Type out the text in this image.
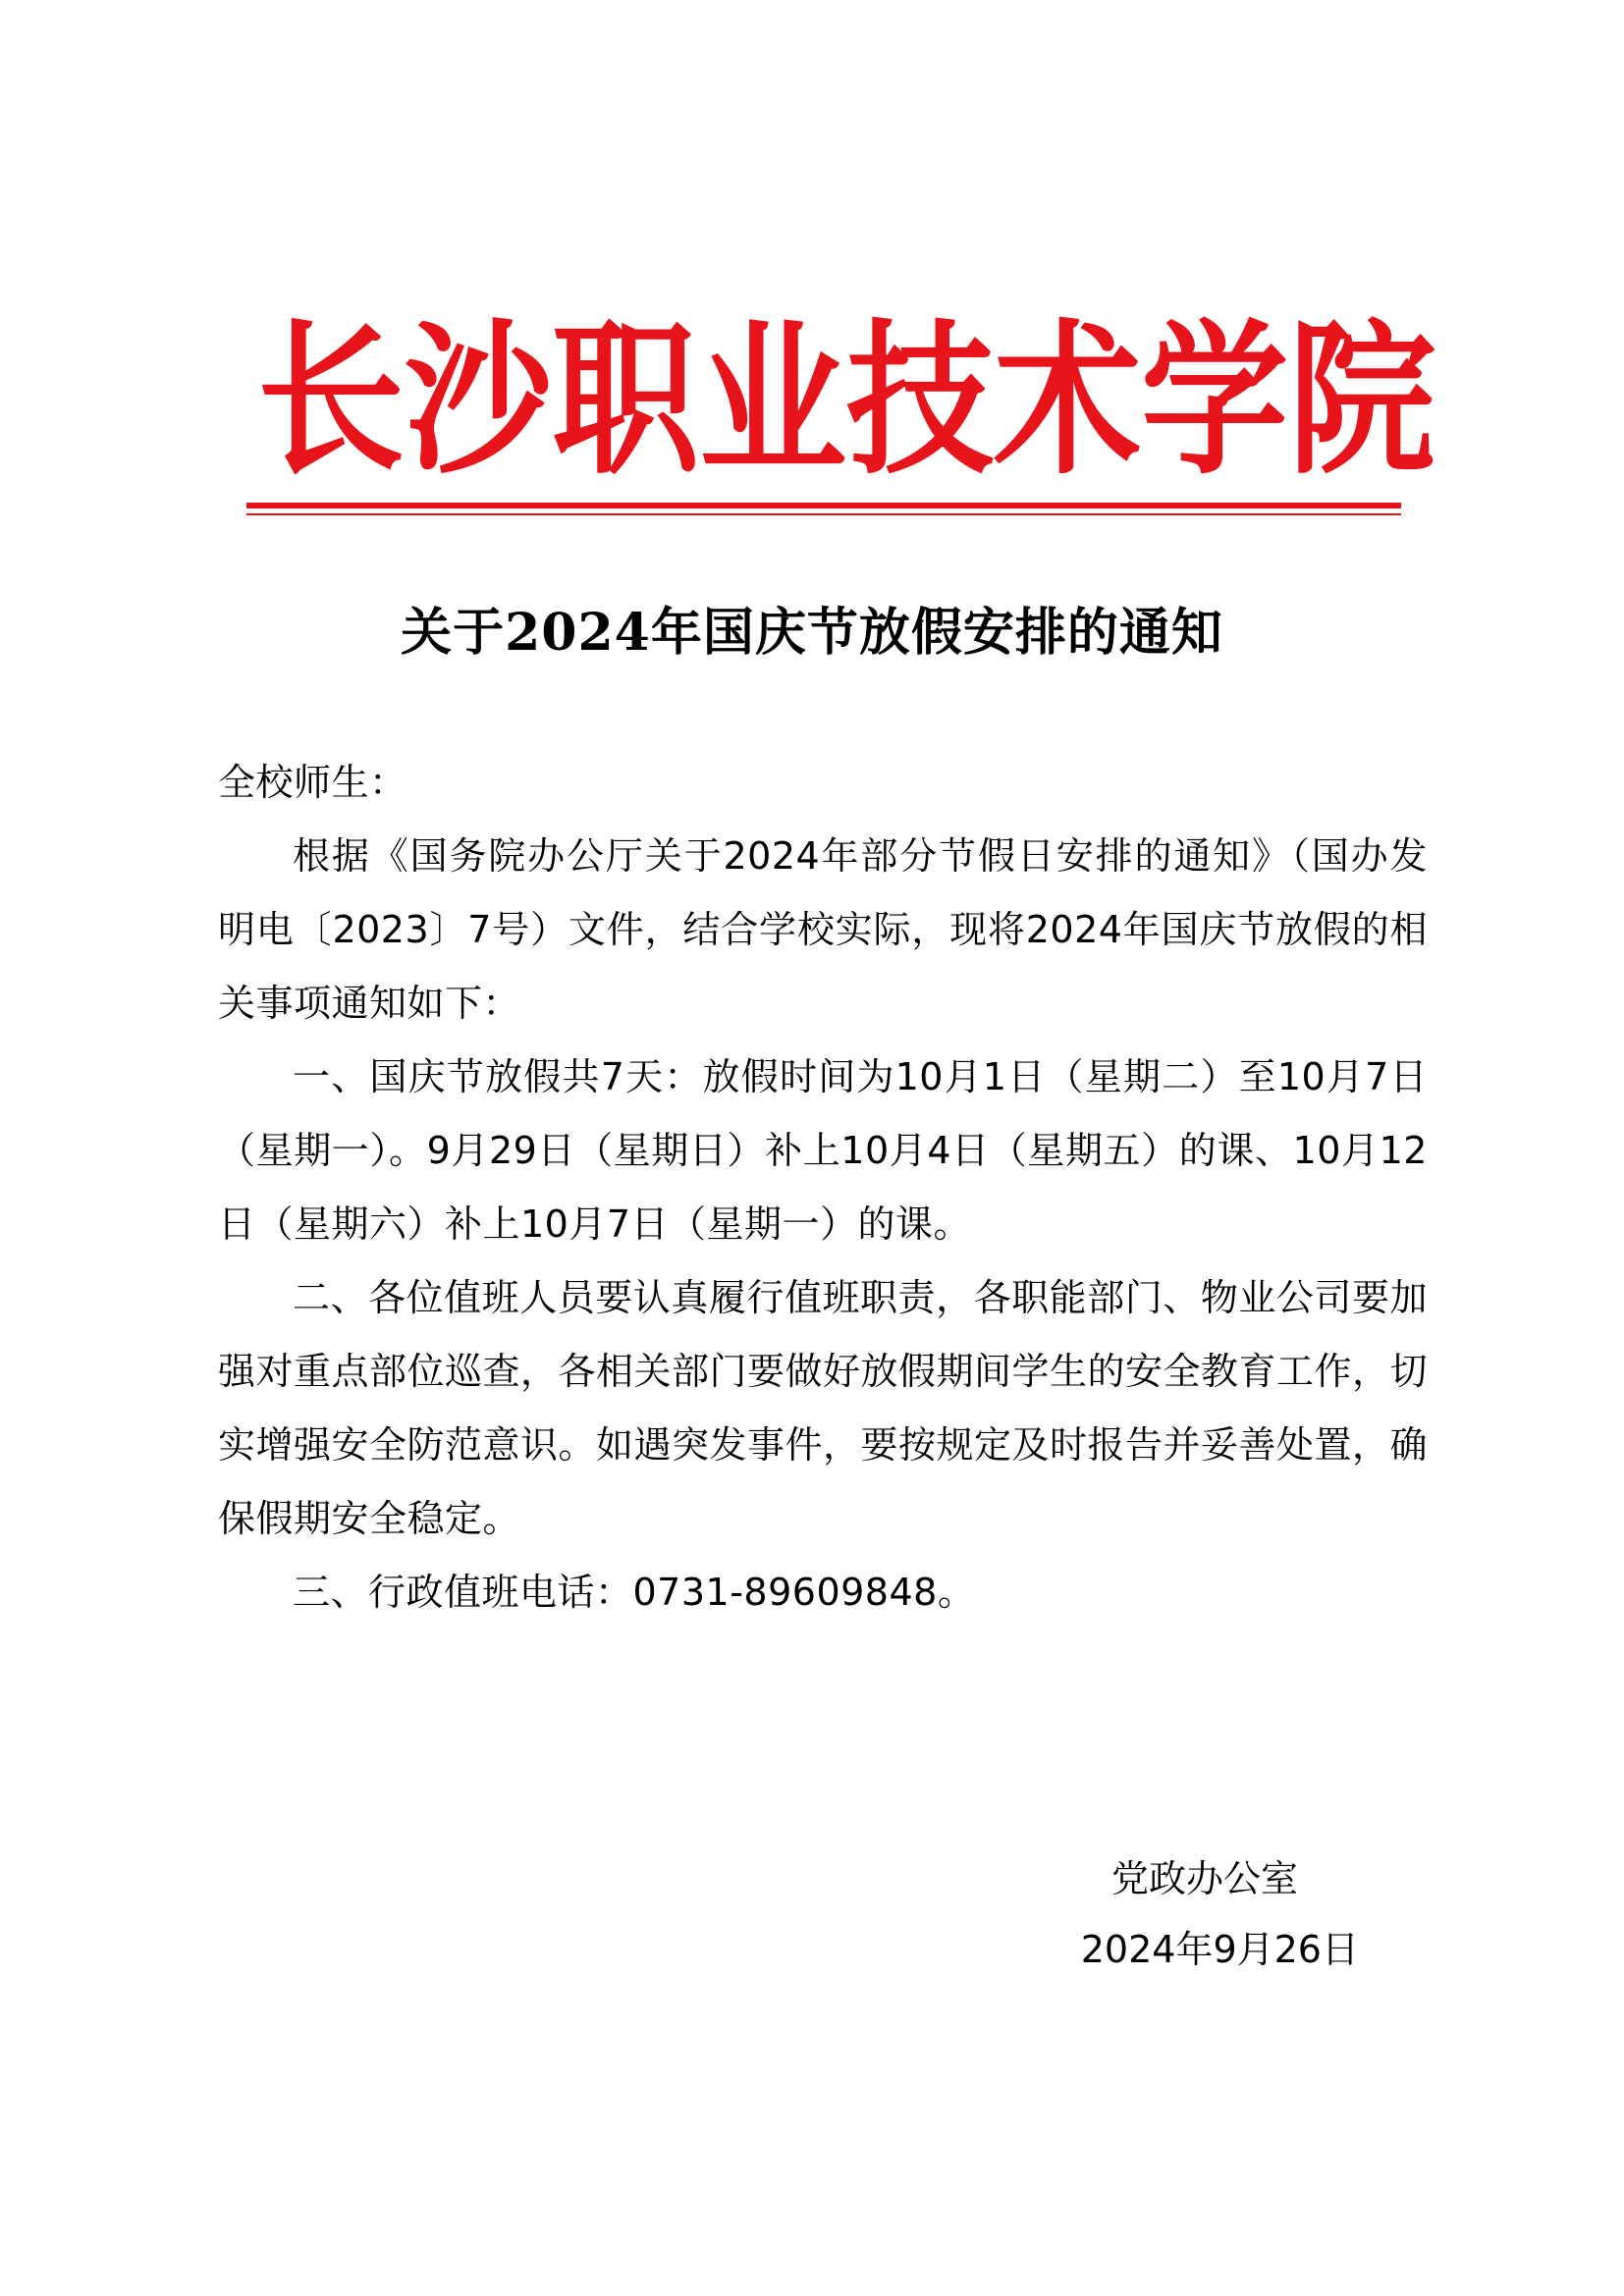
长 沙 职 业 技 术 学 院
关于2024年国庆节放假安排的通知

全校师生：

根据《国务院办公厅关于2024年部分节假日安排的通知》（国办发明电〔2023〕7号）文件，结合学校实际，现将2024年国庆节放假的相关事项通知如下：

一、国庆节放假共7天：放假时间为10月1日（星期二）至10月7日（星期一）。9月29日（星期日）补上10月4日（星期五）的课、10月12日（星期六）补上10月7日（星期一）的课。

二、各位值班人员要认真履行值班职责，各职能部门、物业公司要加强对重点部位巡查，各相关部门要做好放假期间学生的安全教育工作，切实增强安全防范意识。如遇突发事件，要按规定及时报告并妥善处置，确保假期安全稳定。

三、行政值班电话：0731-89609848。

党政办公室
2024年9月26日
